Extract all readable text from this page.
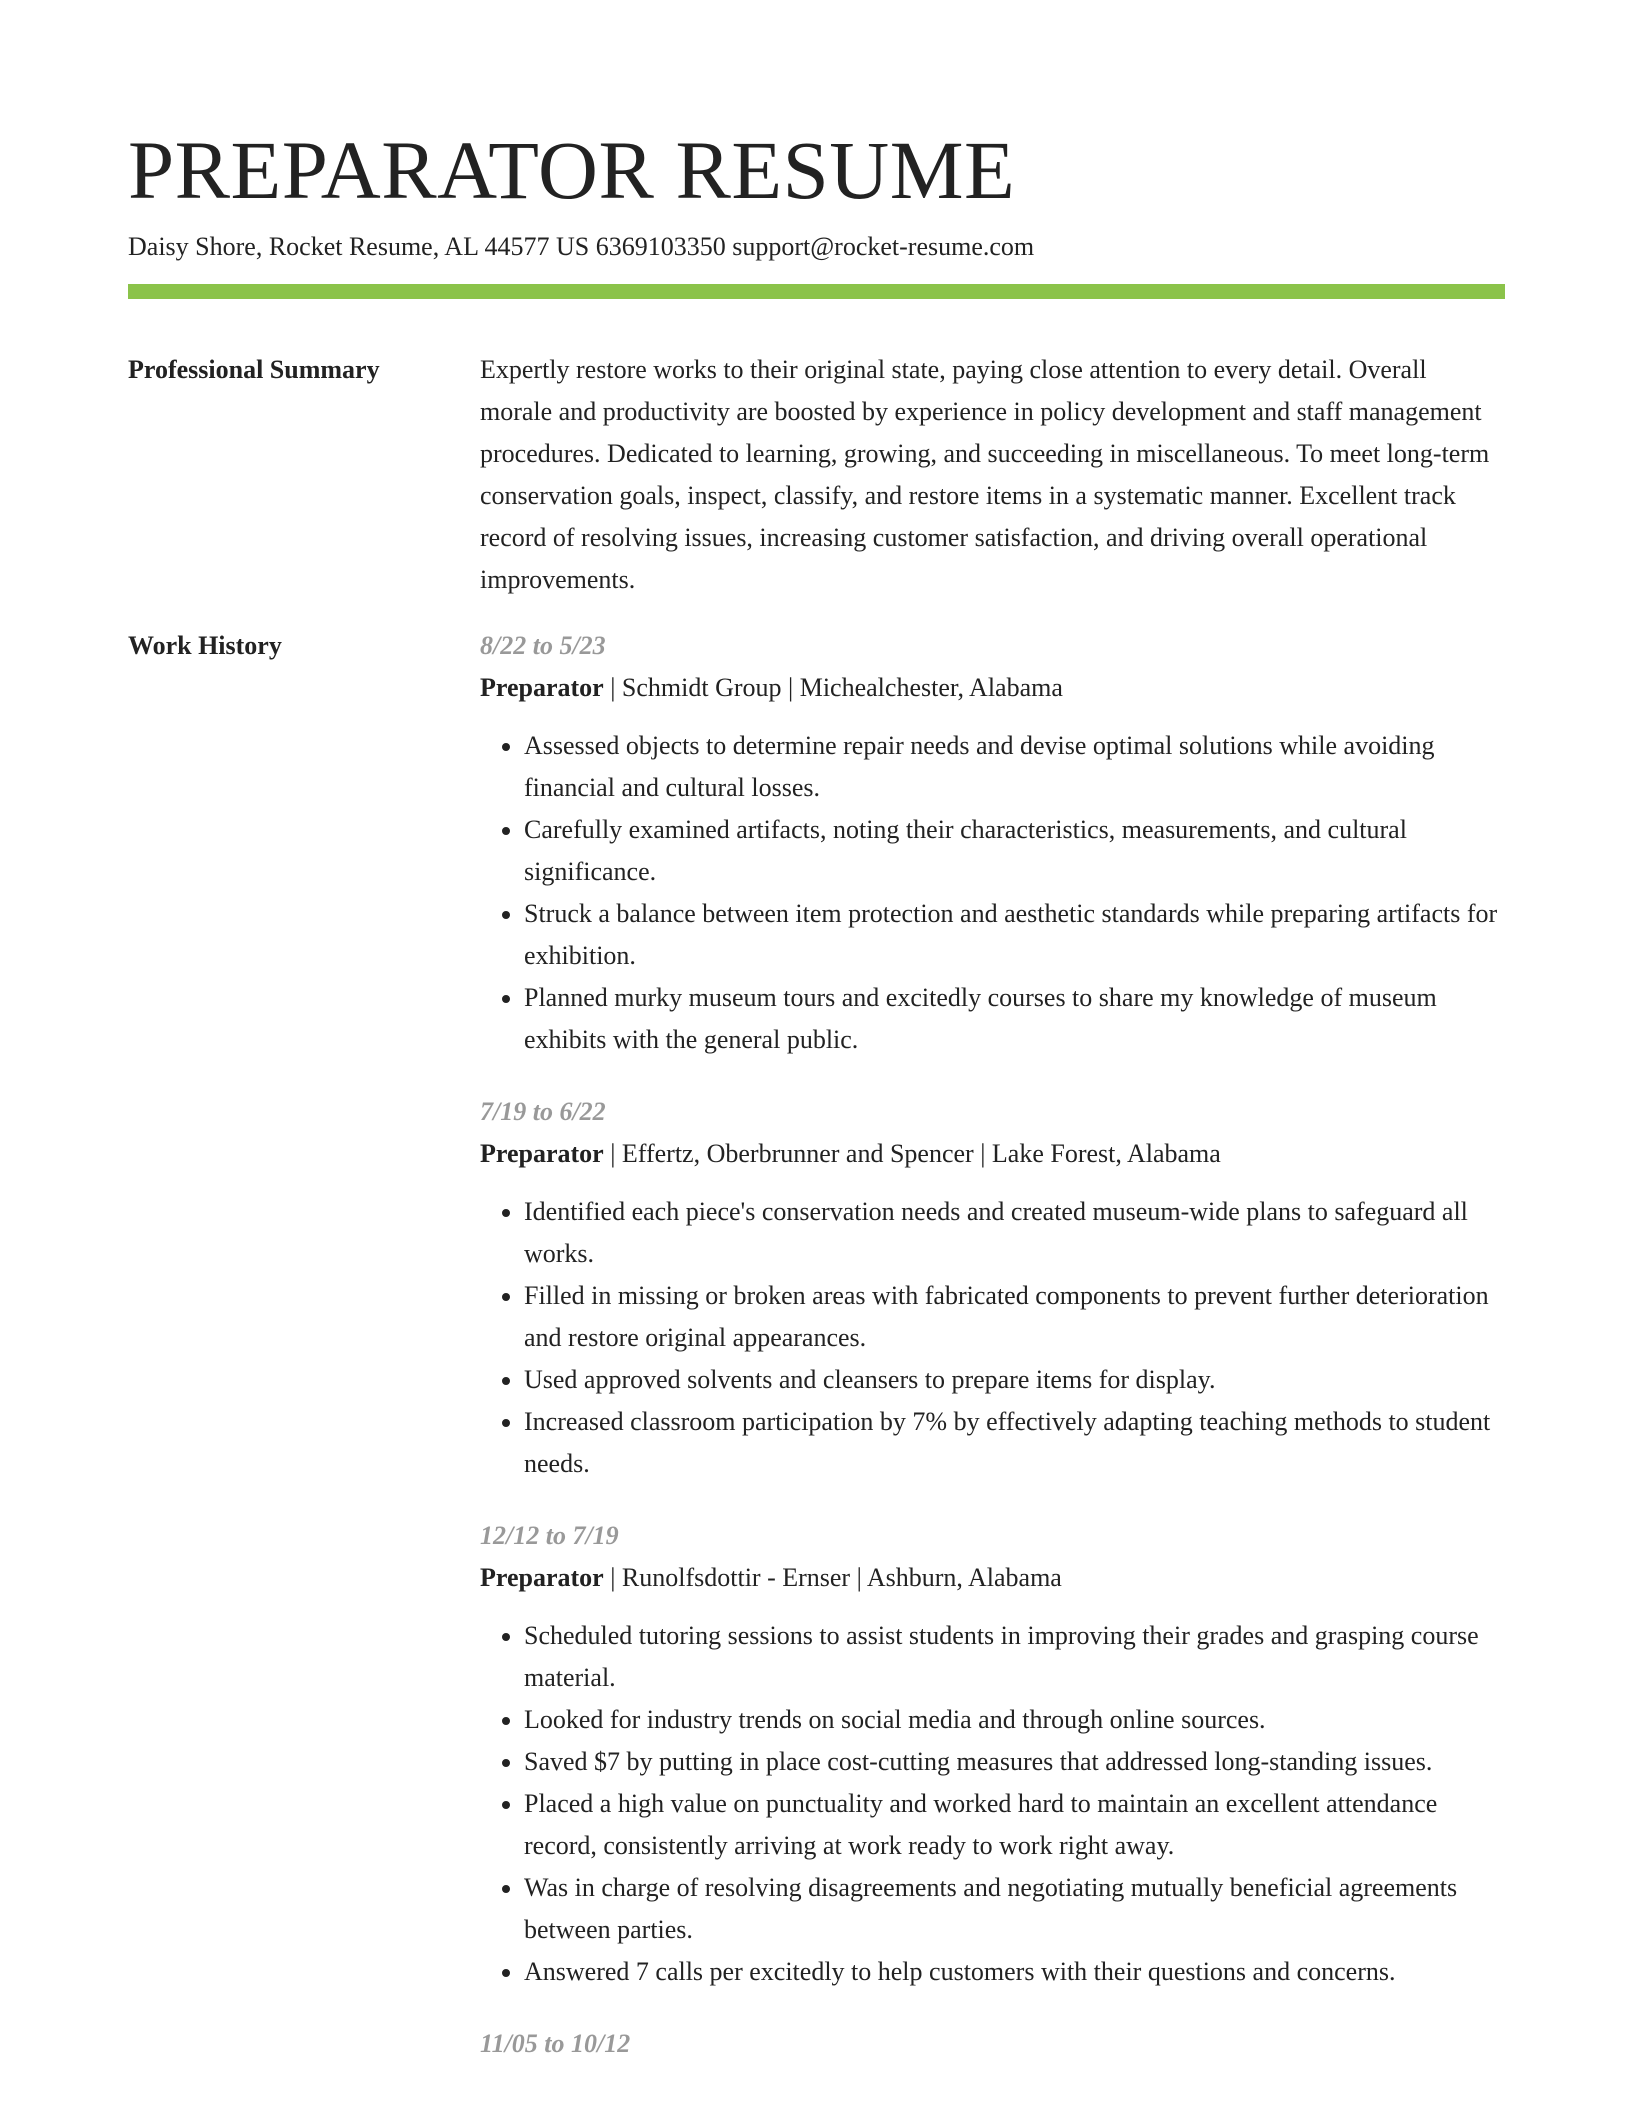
PREPARATOR RESUME
Daisy Shore, Rocket Resume, AL 44577 US 6369103350 support@rocket-resume.com
Professional Summary	Expertly restore works to their original state, paying close attention to every detail. Overall morale and productivity are boosted by experience in policy development and staff management procedures. Dedicated to learning, growing, and succeeding in miscellaneous. To meet long-term conservation goals, inspect, classify, and restore items in a systematic manner. Excellent track record of resolving issues, increasing customer satisfaction, and driving overall operational improvements.

Work History	8/22 to 5/23
Preparator | Schmidt Group | Michealchester, Alabama
• Assessed objects to determine repair needs and devise optimal solutions while avoiding financial and cultural losses.
• Carefully examined artifacts, noting their characteristics, measurements, and cultural significance.
• Struck a balance between item protection and aesthetic standards while preparing artifacts for exhibition.
• Planned murky museum tours and excitedly courses to share my knowledge of museum exhibits with the general public.
7/19 to 6/22
Preparator | Effertz, Oberbrunner and Spencer | Lake Forest, Alabama
• Identified each piece's conservation needs and created museum-wide plans to safeguard all works.
• Filled in missing or broken areas with fabricated components to prevent further deterioration and restore original appearances.
• Used approved solvents and cleansers to prepare items for display.
• Increased classroom participation by 7% by effectively adapting teaching methods to student needs.
12/12 to 7/19
Preparator | Runolfsdottir - Ernser | Ashburn, Alabama
• Scheduled tutoring sessions to assist students in improving their grades and grasping course material.
• Looked for industry trends on social media and through online sources.
• Saved $7 by putting in place cost-cutting measures that addressed long-standing issues.
• Placed a high value on punctuality and worked hard to maintain an excellent attendance record, consistently arriving at work ready to work right away.
• Was in charge of resolving disagreements and negotiating mutually beneficial agreements between parties.
• Answered 7 calls per excitedly to help customers with their questions and concerns.
11/05 to 10/12
